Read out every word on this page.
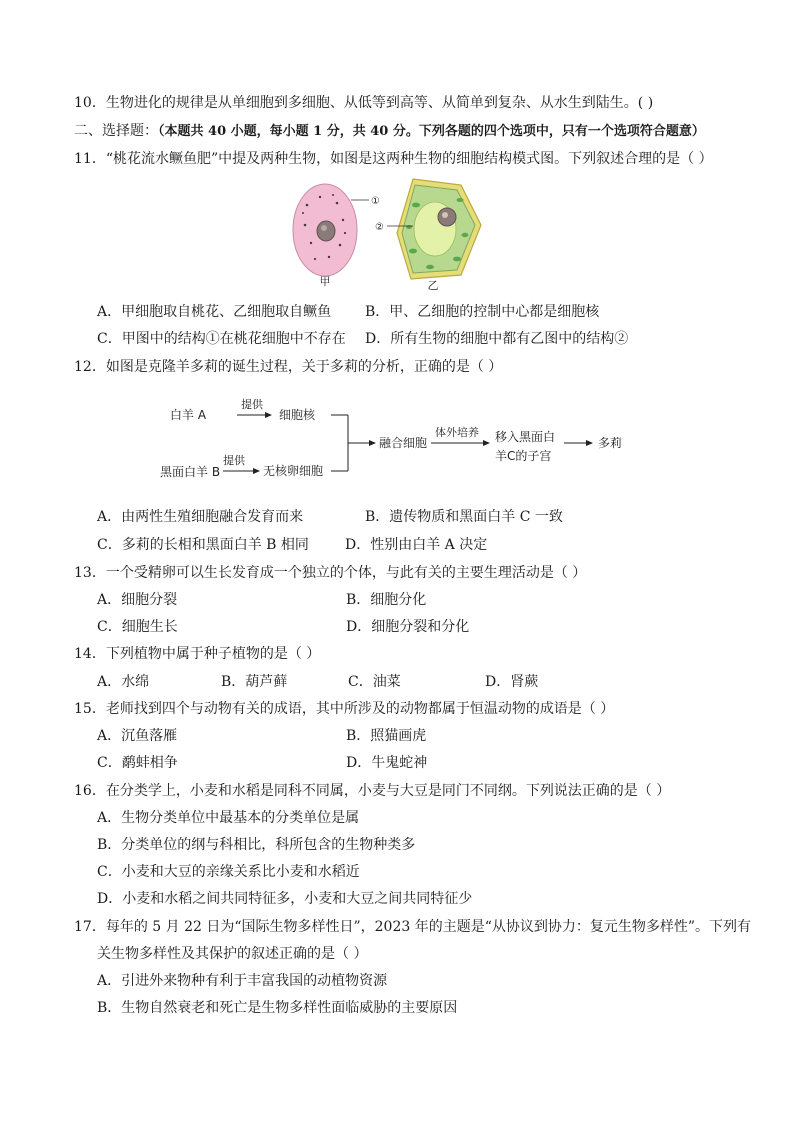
10．生物进化的规律是从单细胞到多细胞、从低等到高等、从简单到复杂、从水生到陆生。( )
二、选择题：（本题共 40 小题，每小题 1 分，共 40 分。下列各题的四个选项中，只有一个选项符合题意）
11．“桃花流水鳜鱼肥”中提及两种生物，如图是这两种生物的细胞结构模式图。下列叙述合理的是（ ）
甲
①
②
乙
A．甲细胞取自桃花、乙细胞取自鳜鱼 B．甲、乙细胞的控制中心都是细胞核
C．甲图中的结构①在桃花细胞中不存在 D．所有生物的细胞中都有乙图中的结构②
12．如图是克隆羊多莉的诞生过程，关于多莉的分析，正确的是（ ）
白羊 A
提供
细胞核
黑面白羊 B
提供
无核卵细胞
融合细胞
体外培养 移入黑面白
羊C的子宫
多莉
A．由两性生殖细胞融合发育而来	B．遗传物质和黑面白羊 C 一致
C．多莉的长相和黑面白羊 B 相同	D．性别由白羊 A 决定
13．一个受精卵可以生长发育成一个独立的个体，与此有关的主要生理活动是（ ）
A．细胞分裂	B．细胞分化
C．细胞生长	D．细胞分裂和分化
14．下列植物中属于种子植物的是（ ）
A．水绵	B．葫芦藓	C．油菜	D．肾蕨
15．老师找到四个与动物有关的成语，其中所涉及的动物都属于恒温动物的成语是（ ）
A．沉鱼落雁	B．照猫画虎
C．鹬蚌相争	D．牛鬼蛇神
16．在分类学上，小麦和水稻是同科不同属，小麦与大豆是同门不同纲。下列说法正确的是（ ）
A．生物分类单位中最基本的分类单位是属
B．分类单位的纲与科相比，科所包含的生物种类多
C．小麦和大豆的亲缘关系比小麦和水稻近
D．小麦和水稻之间共同特征多，小麦和大豆之间共同特征少
17．每年的 5 月 22 日为“国际生物多样性日”，2023 年的主题是“从协议到协力：复元生物多样性”。下列有
关生物多样性及其保护的叙述正确的是（ ）
A．引进外来物种有利于丰富我国的动植物资源
B．生物自然衰老和死亡是生物多样性面临威胁的主要原因
